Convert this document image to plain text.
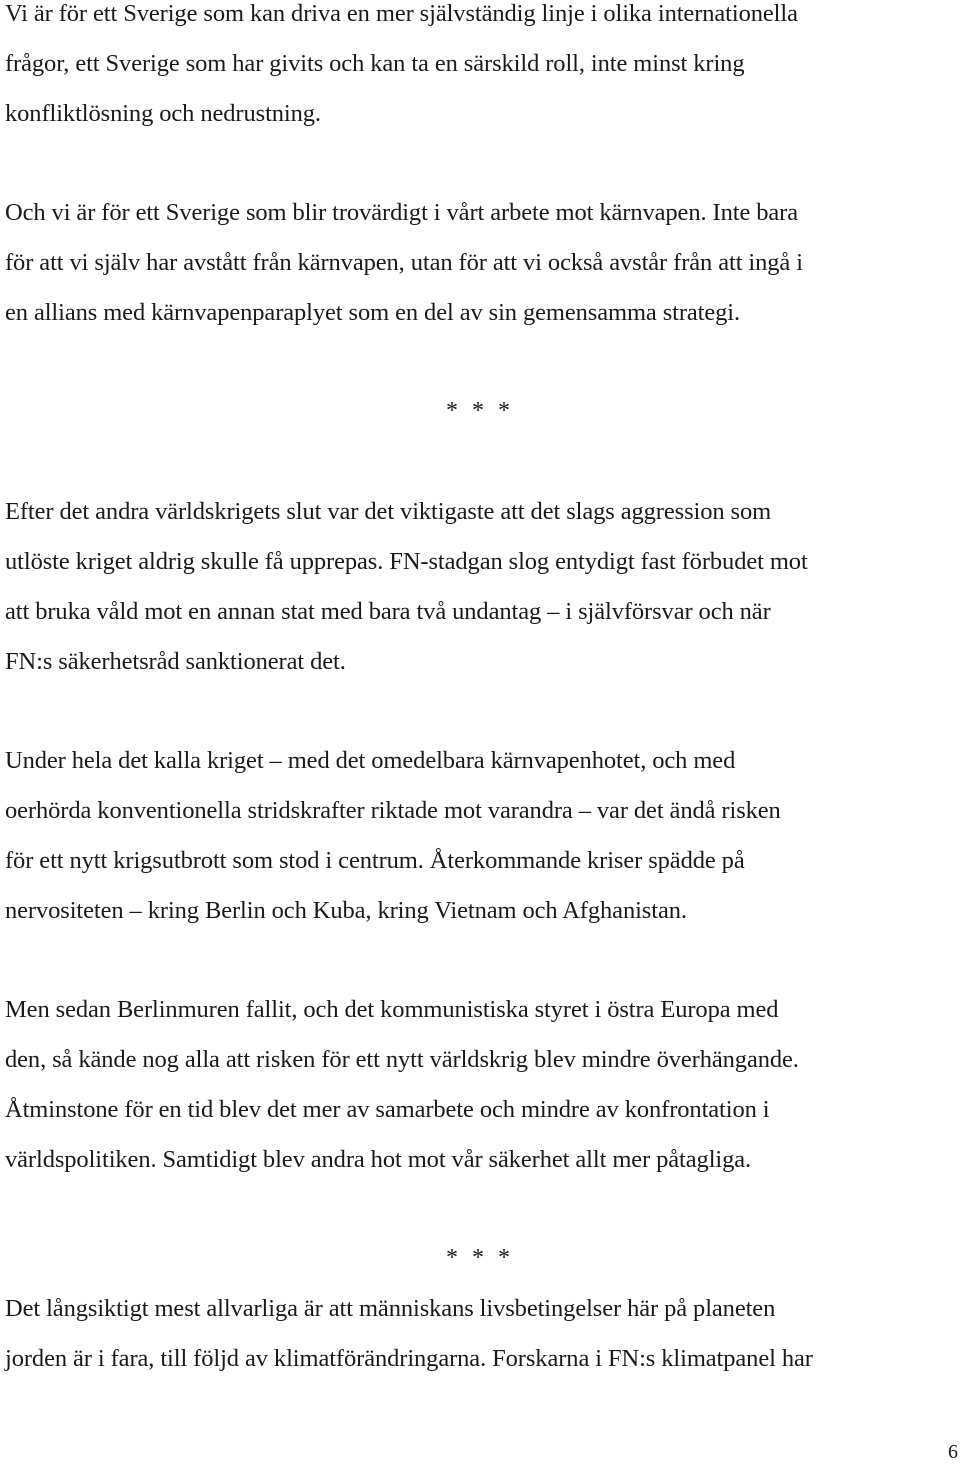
Vi är för ett Sverige som kan driva en mer självständig linje i olika internationella
frågor, ett Sverige som har givits och kan ta en särskild roll, inte minst kring
konfliktlösning och nedrustning.
Och vi är för ett Sverige som blir trovärdigt i vårt arbete mot kärnvapen. Inte bara
för att vi själv har avstått från kärnvapen, utan för att vi också avstår från att ingå i
en allians med kärnvapenparaplyet som en del av sin gemensamma strategi.
* * *
Efter det andra världskrigets slut var det viktigaste att det slags aggression som
utlöste kriget aldrig skulle få upprepas. FN-stadgan slog entydigt fast förbudet mot
att bruka våld mot en annan stat med bara två undantag – i självförsvar och när
FN:s säkerhetsråd sanktionerat det.
Under hela det kalla kriget – med det omedelbara kärnvapenhotet, och med
oerhörda konventionella stridskrafter riktade mot varandra – var det ändå risken
för ett nytt krigsutbrott som stod i centrum. Återkommande kriser spädde på
nervositeten – kring Berlin och Kuba, kring Vietnam och Afghanistan.
Men sedan Berlinmuren fallit, och det kommunistiska styret i östra Europa med
den, så kände nog alla att risken för ett nytt världskrig blev mindre överhängande.
Åtminstone för en tid blev det mer av samarbete och mindre av konfrontation i
världspolitiken. Samtidigt blev andra hot mot vår säkerhet allt mer påtagliga.
* * *
Det långsiktigt mest allvarliga är att människans livsbetingelser här på planeten
jorden är i fara, till följd av klimatförändringarna. Forskarna i FN:s klimatpanel har
6
